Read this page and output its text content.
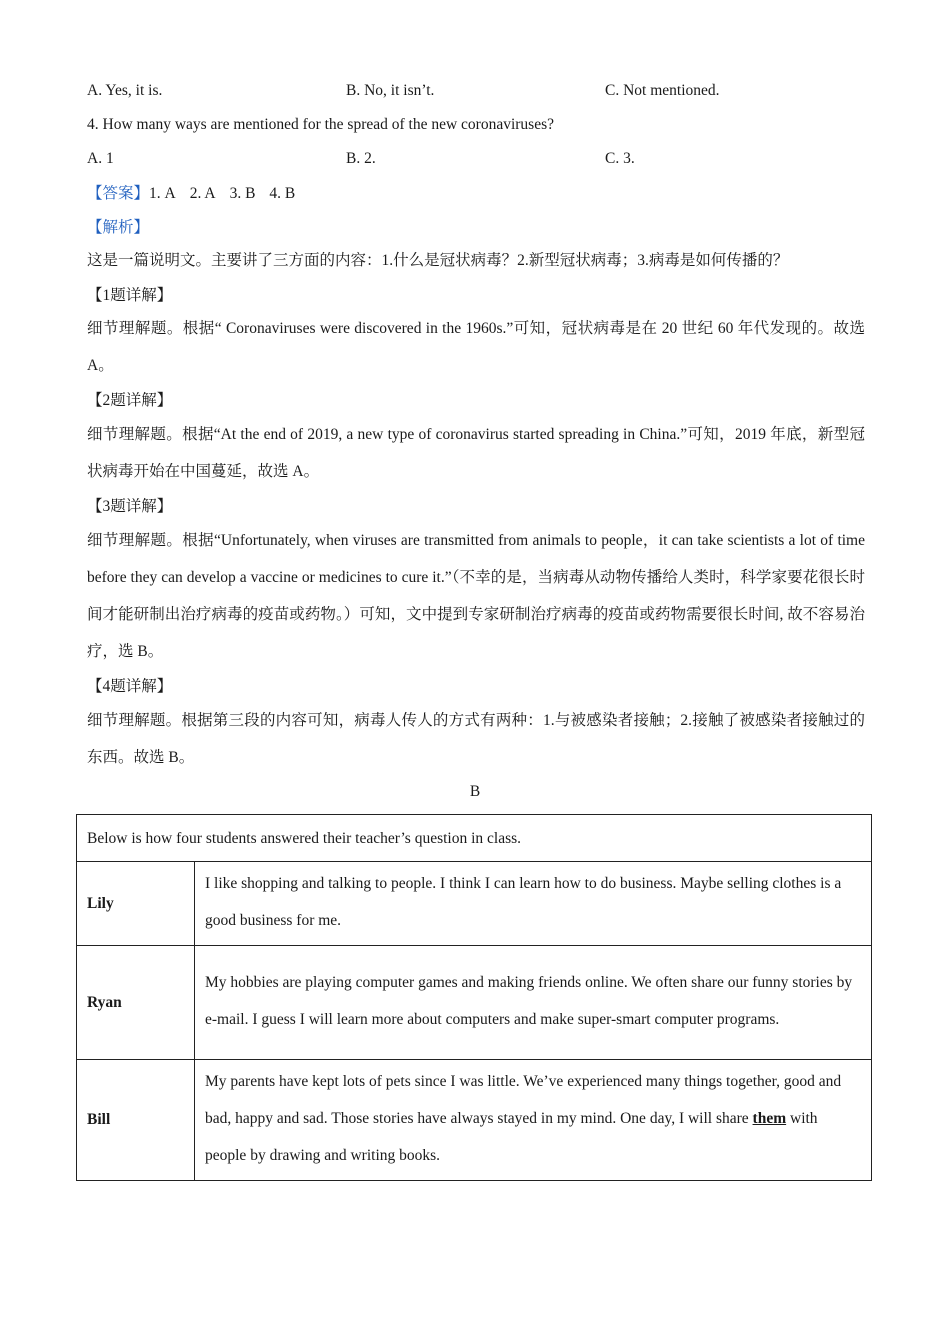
A. Yes, it is.	B. No, it isn’t.	C. Not mentioned.
4. How many ways are mentioned for the spread of the new coronaviruses?
A. 1	B. 2.	C. 3.
【答案】1. A 2. A 3. B 4. B
【解析】
这是一篇说明文。主要讲了三方面的内容：1.什么是冠状病毒？2.新型冠状病毒；3.病毒是如何传播的？
【1题详解】
细节理解题。根据“ Coronaviruses were discovered in the 1960s.”可知，冠状病毒是在 20 世纪 60 年代发现的。故选 A。
【2题详解】
细节理解题。根据“At the end of 2019, a new type of coronavirus started spreading in China.”可知，2019 年底，新型冠状病毒开始在中国蔓延，故选 A。
【3题详解】
细节理解题。根据“Unfortunately, when viruses are transmitted from animals to people，it can take scientists a lot of time before they can develop a vaccine or medicines to cure it.”（不幸的是，当病毒从动物传播给人类时，科学家要花很长时间才能研制出治疗病毒的疫苗或药物。）可知，文中提到专家研制治疗病毒的疫苗或药物需要很长时间, 故不容易治疗，选 B。
【4题详解】
细节理解题。根据第三段的内容可知，病毒人传人的方式有两种：1.与被感染者接触；2.接触了被感染者接触过的东西。故选 B。
B
Below is how four students answered their teacher’s question in class.	
Lily	I like shopping and talking to people. I think I can learn how to do business. Maybe selling clothes is a good business for me.
Ryan	My hobbies are playing computer games and making friends online. We often share our funny stories by e-mail. I guess I will learn more about computers and make super-smart computer programs.
Bill	My parents have kept lots of pets since I was little. We’ve experienced many things together, good and bad, happy and sad. Those stories have always stayed in my mind. One day, I will share them with people by drawing and writing books.
